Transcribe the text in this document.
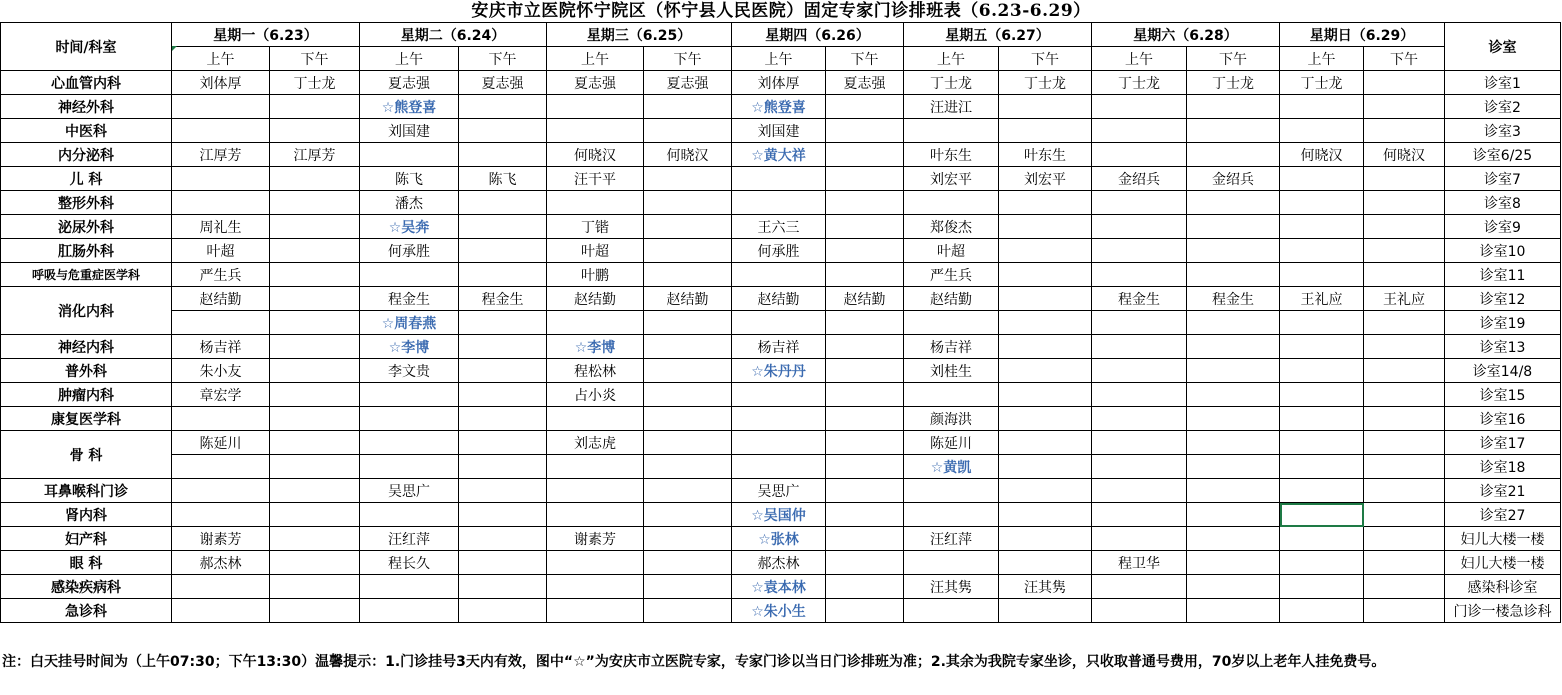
安庆市立医院怀宁院区（怀宁县人民医院）固定专家门诊排班表（6.23-6.29）
时间/科室	星期一（6.23）		星期二（6.24）		星期三（6.25）		星期四（6.26）		星期五（6.27）		星期六（6.28）		星期日（6.29）		诊室
	上午	下午	上午	下午	上午	下午	上午	下午	上午	下午	上午	下午	上午	下午	
心血管内科	刘体厚	丁士龙	夏志强	夏志强	夏志强	夏志强	刘体厚	夏志强	丁士龙	丁士龙	丁士龙	丁士龙	丁士龙		诊室1
神经外科			☆熊登喜				☆熊登喜		汪进江						诊室2
中医科			刘国建				刘国建								诊室3
内分泌科	江厚芳	江厚芳			何晓汉	何晓汉	☆黄大祥		叶东生	叶东生			何晓汉	何晓汉	诊室6/25
儿 科			陈飞	陈飞	汪干平				刘宏平	刘宏平	金绍兵	金绍兵			诊室7
整形外科			潘杰												诊室8
泌尿外科	周礼生		☆吴奔		丁锴		王六三		郑俊杰						诊室9
肛肠外科	叶超		何承胜		叶超		何承胜		叶超						诊室10
呼吸与危重症医学科	严生兵				叶鹏				严生兵						诊室11
消化内科	赵结勤		程金生	程金生	赵结勤	赵结勤	赵结勤	赵结勤	赵结勤		程金生	程金生	王礼应	王礼应	诊室12
			☆周春燕												诊室19
神经内科	杨吉祥		☆李博		☆李博		杨吉祥		杨吉祥						诊室13
普外科	朱小友		李文贵		程松林		☆朱丹丹		刘桂生						诊室14/8
肿瘤内科	章宏学				占小炎										诊室15
康复医学科									颜海洪						诊室16
骨 科	陈延川				刘志虎				陈延川						诊室17
									☆黄凯						诊室18
耳鼻喉科门诊			吴思广				吴思广								诊室21
肾内科							☆吴国仲								诊室27
妇产科	谢素芳		汪红萍		谢素芳		☆张林		汪红萍						妇儿大楼一楼
眼 科	郝杰林		程长久				郝杰林				程卫华				妇儿大楼一楼
感染疾病科							☆袁本林		汪其隽	汪其隽					感染科诊室
急诊科							☆朱小生								门诊一楼急诊科
注：白天挂号时间为（上午07:30；下午13:30）温馨提示：1.门诊挂号3天内有效，图中“☆”为安庆市立医院专家，专家门诊以当日门诊排班为准；2.其余为我院专家坐诊，只收取普通号费用，70岁以上老年人挂免费号。
